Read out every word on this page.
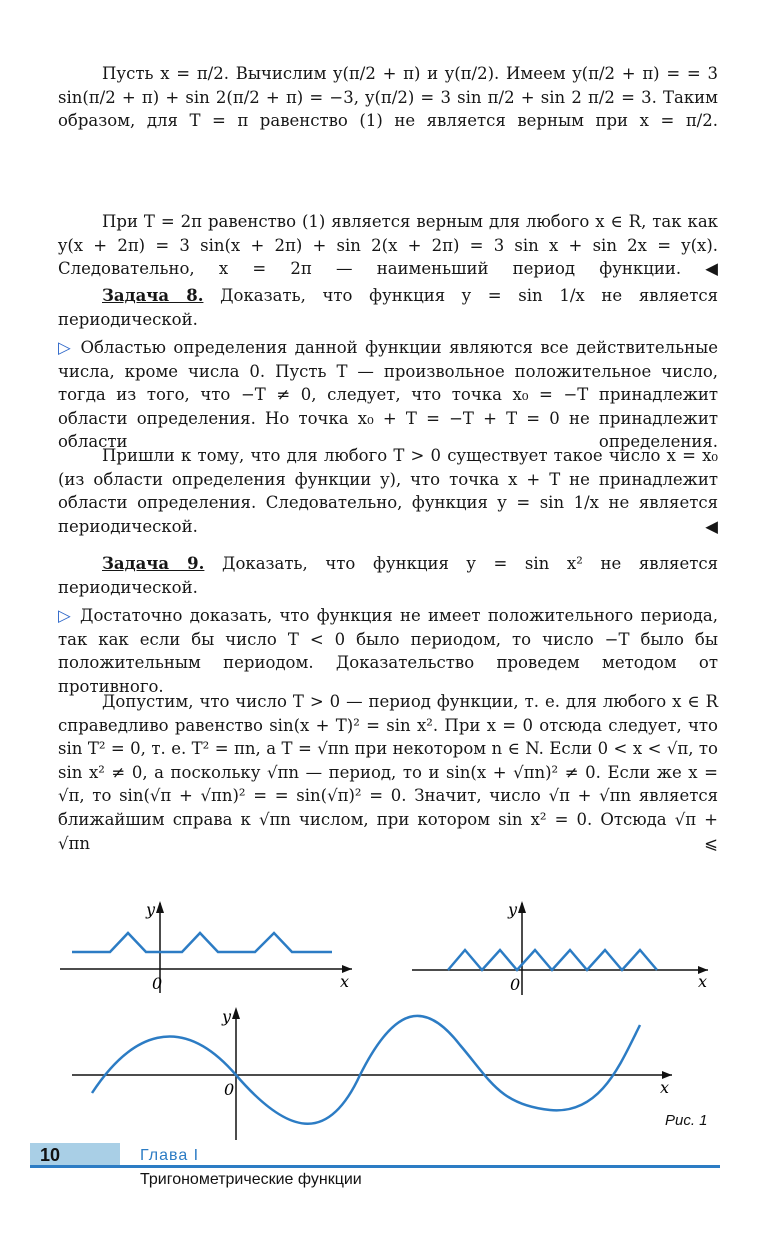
Пусть x = π/2. Вычислим y(π/2 + π) и y(π/2). Имеем y(π/2 + π) = = 3 sin(π/2 + π) + sin 2(π/2 + π) = −3, y(π/2) = 3 sin π/2 + sin 2 π/2 = 3. Таким образом, для T = π равенство (1) не является верным при x = π/2.
При T = 2π равенство (1) является верным для любого x ∈ R, так как y(x + 2π) = 3 sin(x + 2π) + sin 2(x + 2π) = 3 sin x + sin 2x = y(x). Следовательно, x = 2π — наименьший период функции. ◀
Задача 8. Доказать, что функция y = sin 1/x не является периодической.
▷ Областью определения данной функции являются все действительные числа, кроме числа 0. Пусть T — произвольное положительное число, тогда из того, что −T ≠ 0, следует, что точка x₀ = −T принадлежит области определения. Но точка x₀ + T = −T + T = 0 не принадлежит области определения.
Пришли к тому, что для любого T > 0 существует такое число x = x₀ (из области определения функции y), что точка x + T не принадлежит области определения. Следовательно, функция y = sin 1/x не является периодической. ◀
Задача 9. Доказать, что функция y = sin x² не является периодической.
▷ Достаточно доказать, что функция не имеет положительного периода, так как если бы число T < 0 было периодом, то число −T было бы положительным периодом. Доказательство проведем методом от противного.
Допустим, что число T > 0 — период функции, т. е. для любого x ∈ R справедливо равенство sin(x + T)² = sin x². При x = 0 отсюда следует, что sin T² = 0, т. е. T² = πn, а T = √πn при некотором n ∈ N. Если 0 < x < √π, то sin x² ≠ 0, а поскольку √πn — период, то и sin(x + √πn)² ≠ 0. Если же x = √π, то sin(√π + √πn)² = = sin(√π)² = 0. Значит, число √π + √πn является ближайшим справа к √πn числом, при котором sin x² = 0. Отсюда √π + √πn ⩽
y
0	x
y
0	x
y
0	x
Рис. 1
10	Глава I
Тригонометрические функции
